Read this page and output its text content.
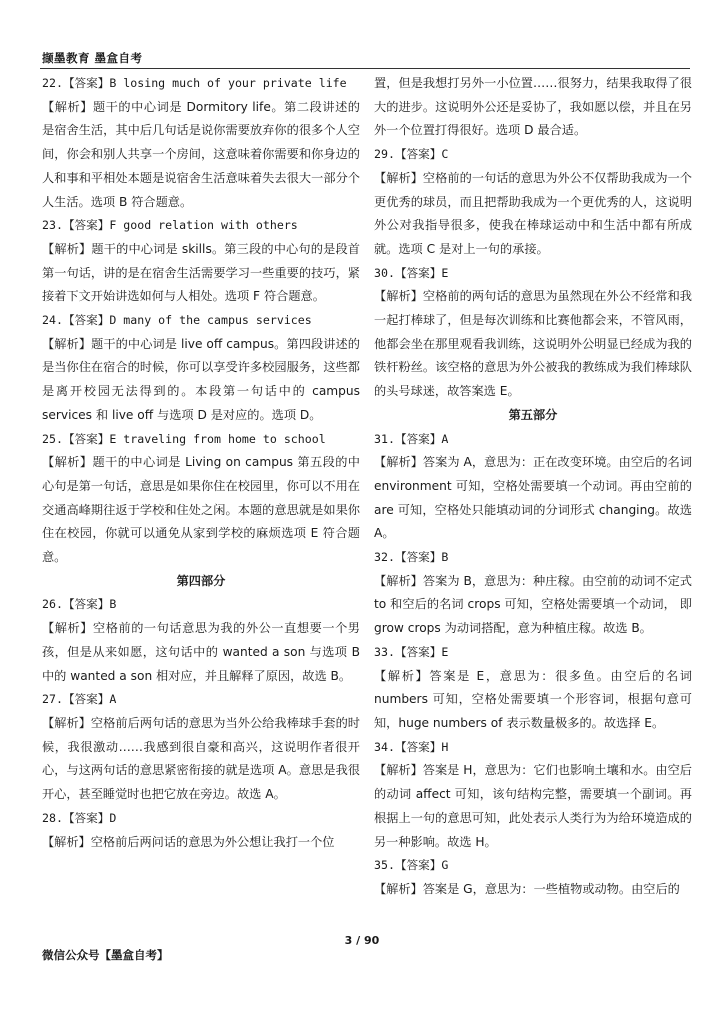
撷墨教育 墨盒自考

22.【答案】B losing much of your private life

【解析】题干的中心词是 Dormitory life。第二段讲述的是宿舍生活，其中后几句话是说你需要放弃你的很多个人空间，你会和别人共享一个房间，这意味着你需要和你身边的人和事和平相处本题是说宿舍生活意味着失去很大一部分个人生活。选项 B 符合题意。

23.【答案】F good relation with others

【解析】题干的中心词是 skills。第三段的中心句的是段首第一句话，讲的是在宿舍生活需要学习一些重要的技巧，紧接着下文开始讲选如何与人相处。选项 F 符合题意。

24.【答案】D many of the campus services

【解析】题干的中心词是 live off campus。第四段讲述的是当你住在宿合的时候，你可以享受许多校园服务，这些都是离开校园无法得到的。本段第一句话中的 campus services 和 live off 与选项 D 是对应的。选项 D。

25.【答案】E traveling from home to school

【解析】题干的中心词是 Living on campus 第五段的中心句是第一句话，意思是如果你住在校园里，你可以不用在交通高峰期往返于学校和住处之闲。本题的意思就是如果你住在校园，你就可以通免从家到学校的麻烦选项 E 符合题意。

第四部分

26.【答案】B

【解析】空格前的一句话意思为我的外公一直想要一个男孩，但是从来如愿，这句话中的 wanted a son 与选项 B 中的 wanted a son 相对应，并且解释了原因，故选 B。

27.【答案】A

【解析】空格前后两句话的意思为当外公给我棒球手套的时候，我很激动……我感到很自豪和高兴，这说明作者很开心，与这两句话的意思紧密衔接的就是选项 A。意思是我很开心，甚至睡觉时也把它放在旁边。故选 A。

28.【答案】D

【解析】空格前后两问话的意思为外公想让我打一个位

置，但是我想打另外一小位置……很努力，结果我取得了很大的进步。这说明外公还是妥协了，我如愿以偿，并且在另外一个位置打得很好。选项 D 最合适。

29.【答案】C

【解析】空格前的一句话的意思为外公不仅帮助我成为一个更优秀的球员，而且把帮助我成为一个更优秀的人，这说明外公对我指导很多，使我在棒球运动中和生活中都有所成就。选项 C 是对上一句的承接。

30.【答案】E

【解析】空格前的两句话的意思为虽然现在外公不经常和我一起打棒球了，但是每次训练和比赛他都会来，不管风雨，他都会坐在那里观看我训练，这说明外公明显已经成为我的铁杆粉丝。该空格的意思为外公被我的教练成为我们棒球队的头号球迷，故答案选 E。

第五部分

31.【答案】A

【解析】答案为 A，意思为：正在改变环境。由空后的名词 environment 可知，空格处需要填一个动词。再由空前的 are 可知，空格处只能填动词的分词形式 changing。故选 A。

32.【答案】B

【解析】答案为 B，意思为：种庄稼。由空前的动词不定式 to 和空后的名词 crops 可知，空格处需要填一个动词， 即 grow crops 为动词搭配，意为种植庄稼。故选 B。

33.【答案】E

【解析】答案是 E，意思为：很多鱼。由空后的名词 numbers 可知，空格处需要填一个形容词，根据句意可知，huge numbers of 表示数量极多的。故选择 E。

34.【答案】H

【解析】答案是 H，意思为：它们也影响土壤和水。由空后的动词 affect 可知，该句结构完整，需要填一个副词。再根据上一句的意思可知，此处表示人类行为为给环境造成的另一种影响。故选 H。

35.【答案】G

【解析】答案是 G，意思为：一些植物或动物。由空后的

3 / 90
微信公众号【墨盒自考】
